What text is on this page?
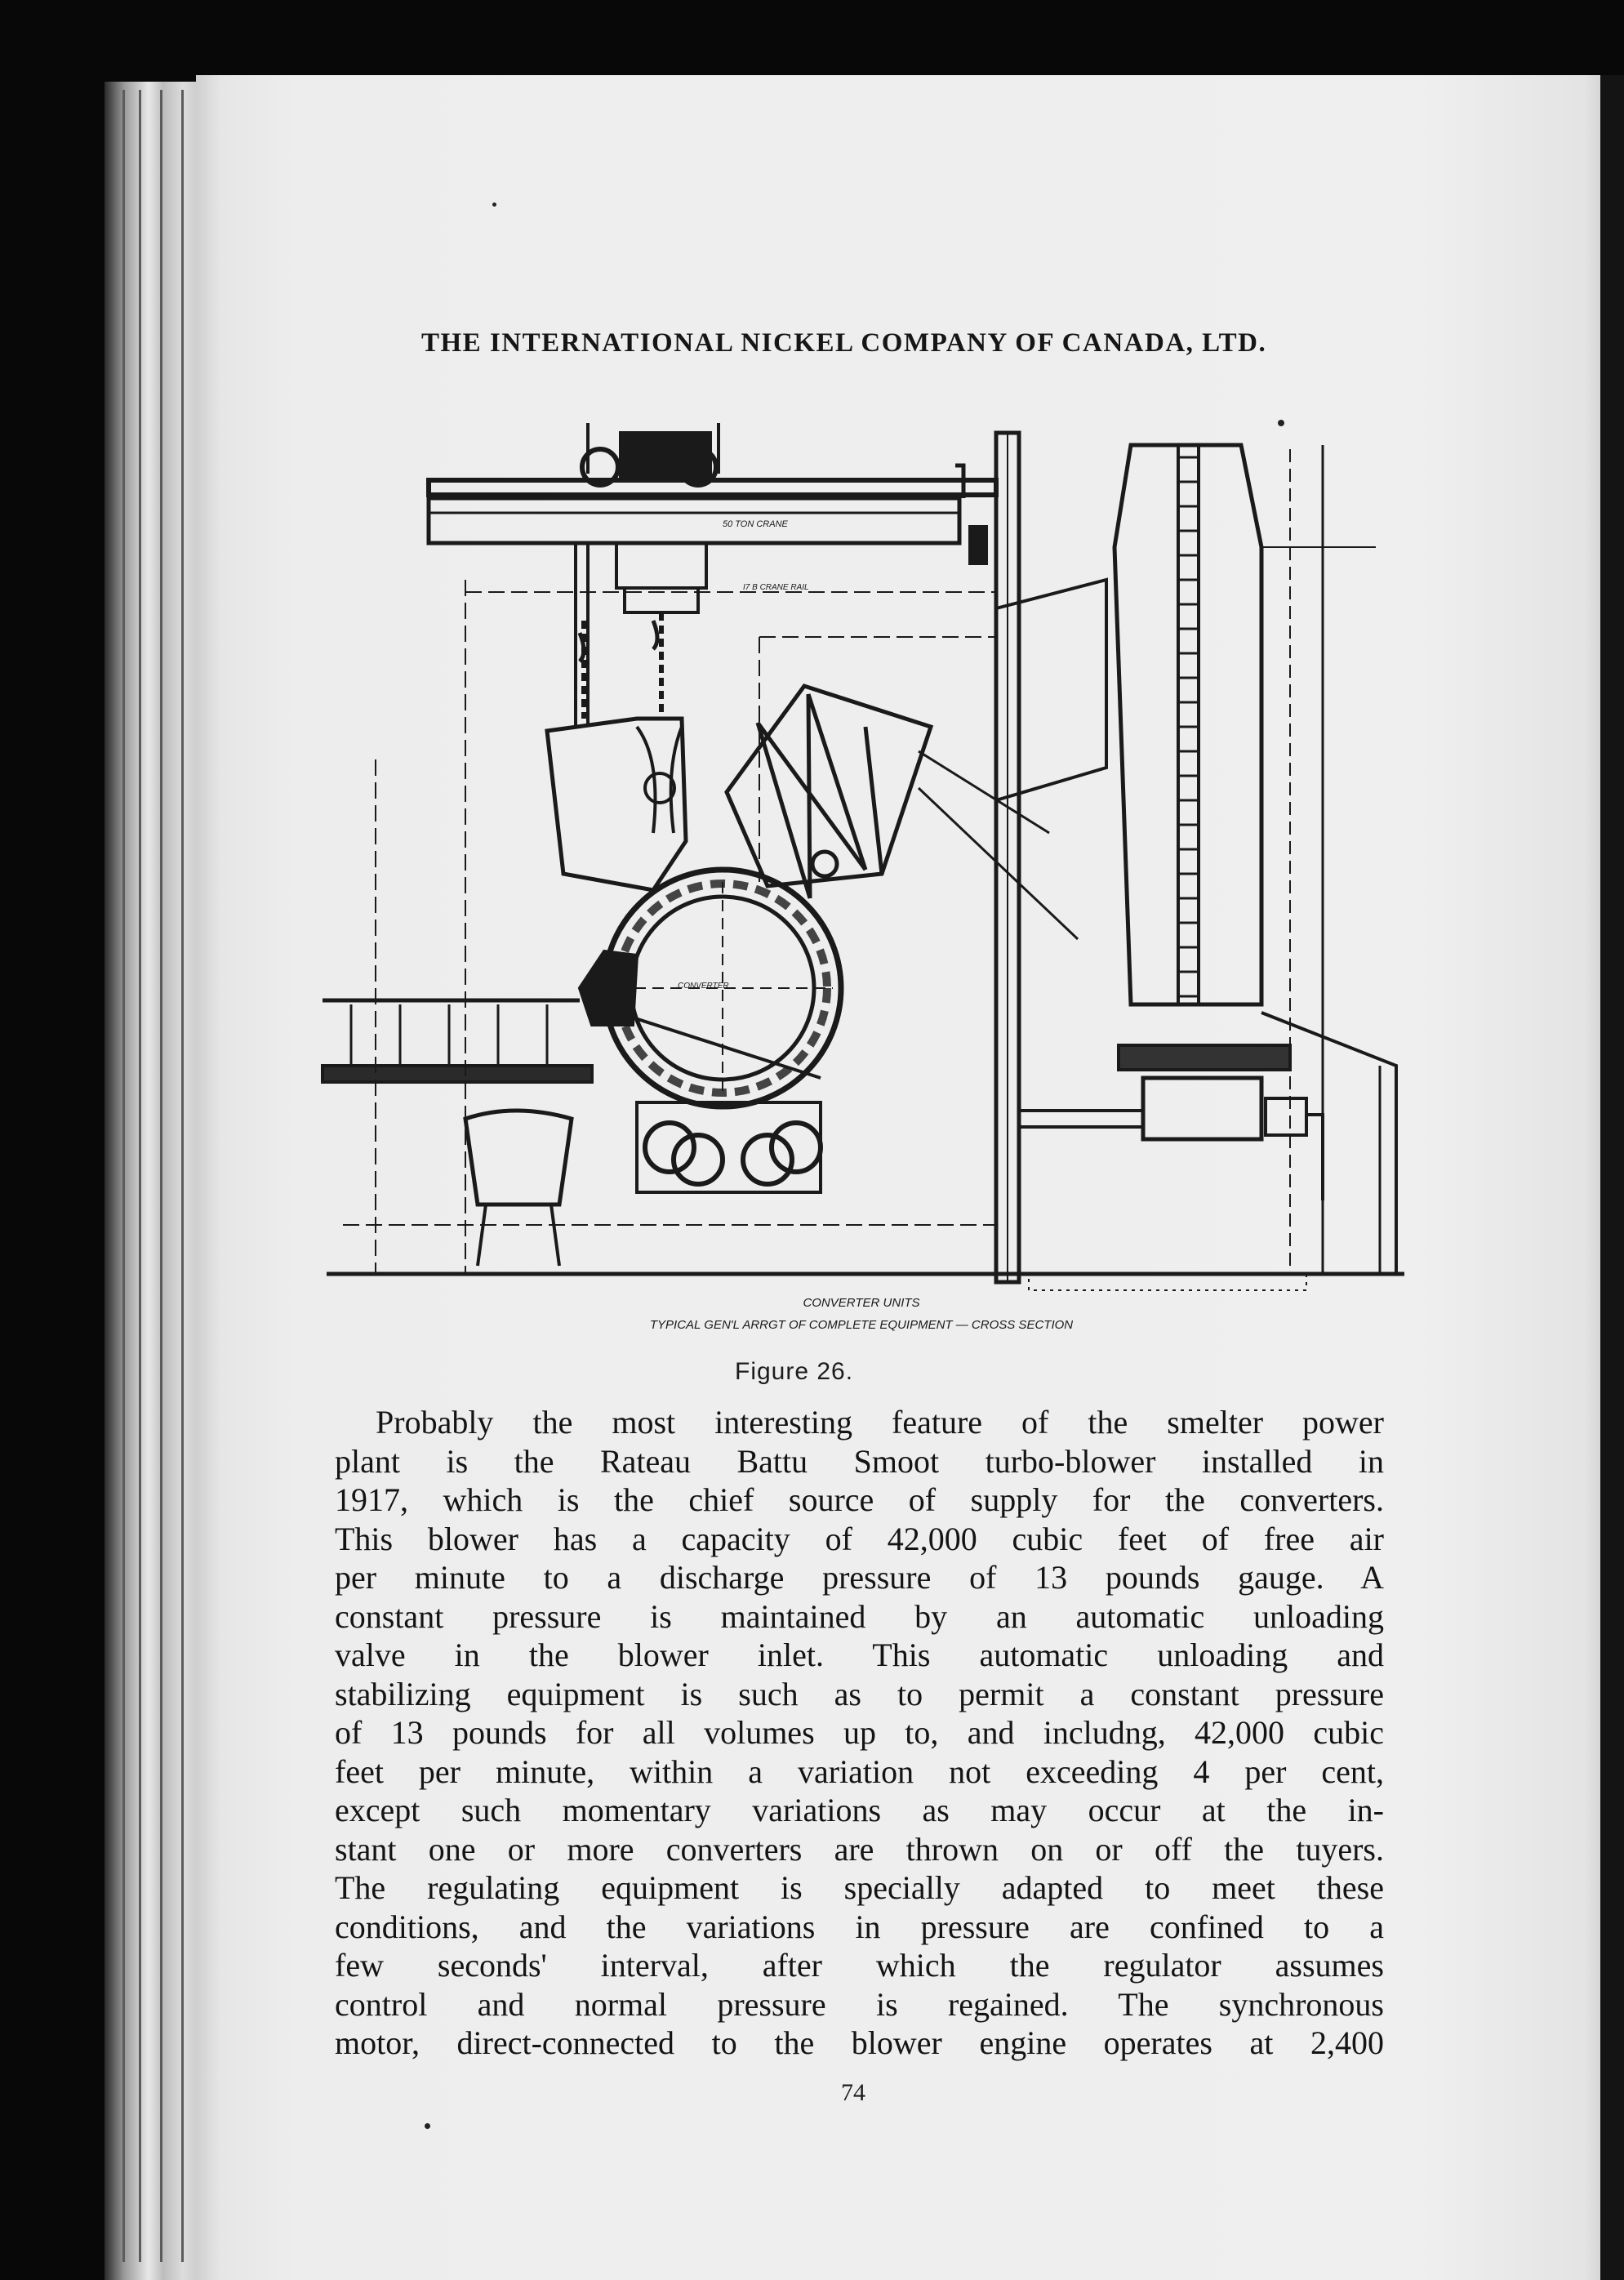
THE INTERNATIONAL NICKEL COMPANY OF CANADA, LTD.
50 TON CRANE
I7 B CRANE RAIL
CONVERTER
CONVERTER UNITS
TYPICAL GEN'L ARRGT OF COMPLETE EQUIPMENT — CROSS SECTION
Figure 26.
Probably the most interesting feature of the smelter power
plant is the Rateau Battu Smoot turbo-blower installed in
1917, which is the chief source of supply for the converters.
This blower has a capacity of 42,000 cubic feet of free air
per minute to a discharge pressure of 13 pounds gauge. A
constant pressure is maintained by an automatic unloading
valve in the blower inlet. This automatic unloading and
stabilizing equipment is such as to permit a constant pressure
of 13 pounds for all volumes up to, and includng, 42,000 cubic
feet per minute, within a variation not exceeding 4 per cent,
except such momentary variations as may occur at the in-
stant one or more converters are thrown on or off the tuyers.
The regulating equipment is specially adapted to meet these
conditions, and the variations in pressure are confined to a
few seconds' interval, after which the regulator assumes
control and normal pressure is regained. The synchronous
motor, direct-connected to the blower engine operates at 2,400
74
